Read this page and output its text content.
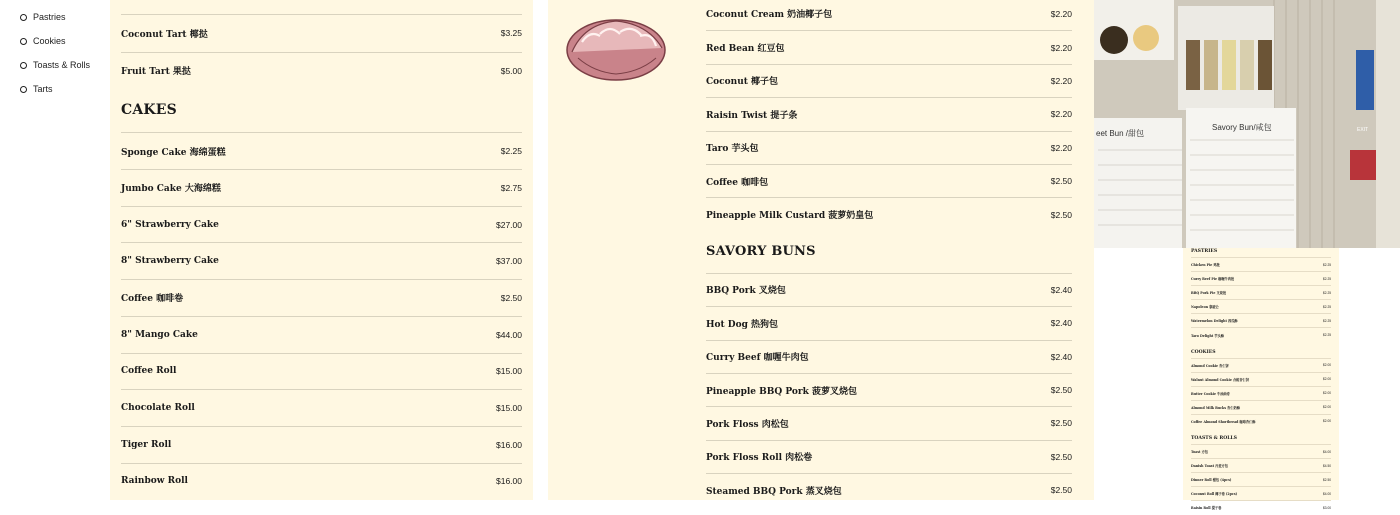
Pastries
Cookies
Toasts & Rolls
Tarts
Coconut Tart 椰挞	$3.25
Fruit Tart 果挞	$5.00
CAKES
Sponge Cake 海绵蛋糕	$2.25
Jumbo Cake 大海绵糕	$2.75
6" Strawberry Cake	$27.00
8" Strawberry Cake	$37.00
Coffee 咖啡卷	$2.50
8" Mango Cake	$44.00
Coffee Roll	$15.00
Chocolate Roll	$15.00
Tiger Roll	$16.00
Rainbow Roll	$16.00
Coconut Cream 奶油椰子包	$2.20
Red Bean 红豆包	$2.20
Coconut 椰子包	$2.20
Raisin Twist 提子条	$2.20
Taro 芋头包	$2.20
Coffee 咖啡包	$2.50
Pineapple Milk Custard 菠萝奶皇包	$2.50
SAVORY BUNS
BBQ Pork 叉烧包	$2.40
Hot Dog 热狗包	$2.40
Curry Beef 咖喱牛肉包	$2.40
Pineapple BBQ Pork 菠萝叉烧包	$2.50
Pork Floss 肉松包	$2.50
Pork Floss Roll 肉松卷	$2.50
Steamed BBQ Pork 蒸叉烧包	$2.50
eet Bun /甜包
Savory Bun/咸包	EXIT
PASTRIES
Chicken Pie 鸡批	$2.25
Curry Beef Pie 咖喱牛肉批	$2.25
BBQ Pork Pie 叉烧批	$2.25
Napoleon 拿破仑	$2.25
Watermelon Delight 西瓜酥	$2.25
Taro Delight 芋头酥	$2.25
COOKIES
Almond Cookie 杏仁饼	$2.00
Walnut Almond Cookie 合桃杏仁饼	$2.00
Butter Cookie 牛油曲奇	$2.00
Almond Milk Bucks 杏仁奶酥	$2.00
Coffee Almond Shortbread 咖啡杏仁酥	$2.00
TOASTS & ROLLS
Toast 方包	$4.00
Danish Toast 丹麦方包	$4.50
Dinner Roll 餐包 (4pcs)	$2.50
Coconut Roll 椰子卷 (2pcs)	$4.00
Raisin Roll 提子卷	$3.00
